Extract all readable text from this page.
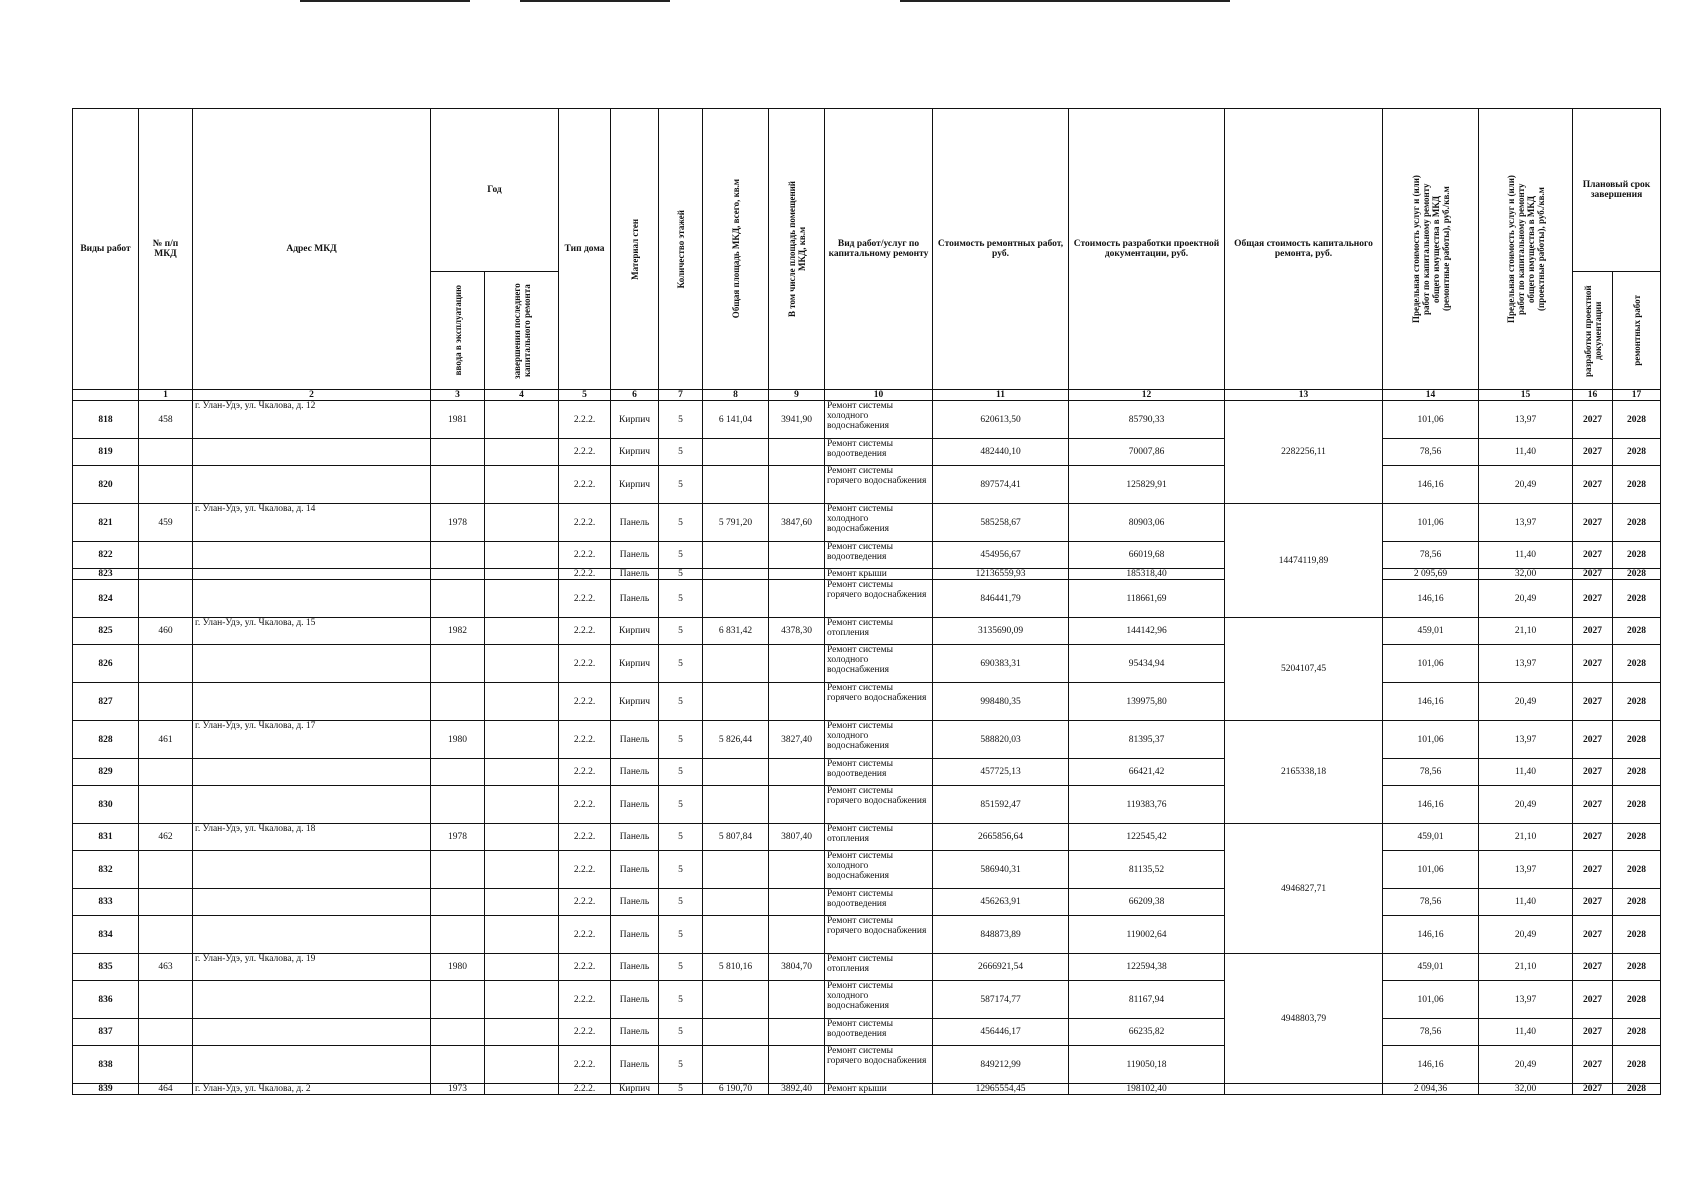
Виды работ	№ п/п МКД	Адрес МКД	Год		Тип дома	Материал стен	Количество этажей	Общая площадь МКД, всего, кв.м	В том числе площадь помещений МКД, кв.м	Вид работ/услуг по капитальному ремонту	Стоимость ремонтных работ, руб.	Стоимость разработки проектной документации, руб.	Общая стоимость капитального ремонта, руб.	Предельная стоимость услуг и (или) работ по капитальному ремонту общего имущества в МКД (ремонтные работы), руб./кв.м	Предельная стоимость услуг и (или) работ по капитальному ремонту общего имущества в МКД (проектные работы), руб./кв.м	Плановый срок завершения	

			ввода в эксплуатацию	завершения последнего капитального ремонта												разработки проектной документации	ремонтных работ

	1	2	3	4	5	6	7	8	9	10	11	12	13	14	15	16	17
818	458	г. Улан-Удэ, ул. Чкалова, д. 12	1981		2.2.2.	Кирпич	5	6 141,04	3941,90	Ремонт системы холодного водоснабжения	620613,50	85790,33	2282256,11	101,06	13,97	2027	2028
819					2.2.2.	Кирпич	5			Ремонт системы водоотведения	482440,10	70007,86		78,56	11,40	2027	2028
820					2.2.2.	Кирпич	5			Ремонт системы горячего водоснабжения	897574,41	125829,91		146,16	20,49	2027	2028
821	459	г. Улан-Удэ, ул. Чкалова, д. 14	1978		2.2.2.	Панель	5	5 791,20	3847,60	Ремонт системы холодного водоснабжения	585258,67	80903,06	14474119,89	101,06	13,97	2027	2028
822					2.2.2.	Панель	5			Ремонт системы водоотведения	454956,67	66019,68		78,56	11,40	2027	2028
823					2.2.2.	Панель	5			Ремонт крыши	12136559,93	185318,40		2 095,69	32,00	2027	2028
824					2.2.2.	Панель	5			Ремонт системы горячего водоснабжения	846441,79	118661,69		146,16	20,49	2027	2028
825	460	г. Улан-Удэ, ул. Чкалова, д. 15	1982		2.2.2.	Кирпич	5	6 831,42	4378,30	Ремонт системы отопления	3135690,09	144142,96	5204107,45	459,01	21,10	2027	2028
826					2.2.2.	Кирпич	5			Ремонт системы холодного водоснабжения	690383,31	95434,94		101,06	13,97	2027	2028
827					2.2.2.	Кирпич	5			Ремонт системы горячего водоснабжения	998480,35	139975,80		146,16	20,49	2027	2028
828	461	г. Улан-Удэ, ул. Чкалова, д. 17	1980		2.2.2.	Панель	5	5 826,44	3827,40	Ремонт системы холодного водоснабжения	588820,03	81395,37	2165338,18	101,06	13,97	2027	2028
829					2.2.2.	Панель	5			Ремонт системы водоотведения	457725,13	66421,42		78,56	11,40	2027	2028
830					2.2.2.	Панель	5			Ремонт системы горячего водоснабжения	851592,47	119383,76		146,16	20,49	2027	2028
831	462	г. Улан-Удэ, ул. Чкалова, д. 18	1978		2.2.2.	Панель	5	5 807,84	3807,40	Ремонт системы отопления	2665856,64	122545,42	4946827,71	459,01	21,10	2027	2028
832					2.2.2.	Панель	5			Ремонт системы холодного водоснабжения	586940,31	81135,52		101,06	13,97	2027	2028
833					2.2.2.	Панель	5			Ремонт системы водоотведения	456263,91	66209,38		78,56	11,40	2027	2028
834					2.2.2.	Панель	5			Ремонт системы горячего водоснабжения	848873,89	119002,64		146,16	20,49	2027	2028
835	463	г. Улан-Удэ, ул. Чкалова, д. 19	1980		2.2.2.	Панель	5	5 810,16	3804,70	Ремонт системы отопления	2666921,54	122594,38	4948803,79	459,01	21,10	2027	2028
836					2.2.2.	Панель	5			Ремонт системы холодного водоснабжения	587174,77	81167,94		101,06	13,97	2027	2028
837					2.2.2.	Панель	5			Ремонт системы водоотведения	456446,17	66235,82		78,56	11,40	2027	2028
838					2.2.2.	Панель	5			Ремонт системы горячего водоснабжения	849212,99	119050,18		146,16	20,49	2027	2028
839	464	г. Улан-Удэ, ул. Чкалова, д. 2	1973		2.2.2.	Кирпич	5	6 190,70	3892,40	Ремонт крыши	12965554,45	198102,40		2 094,36	32,00	2027	2028
